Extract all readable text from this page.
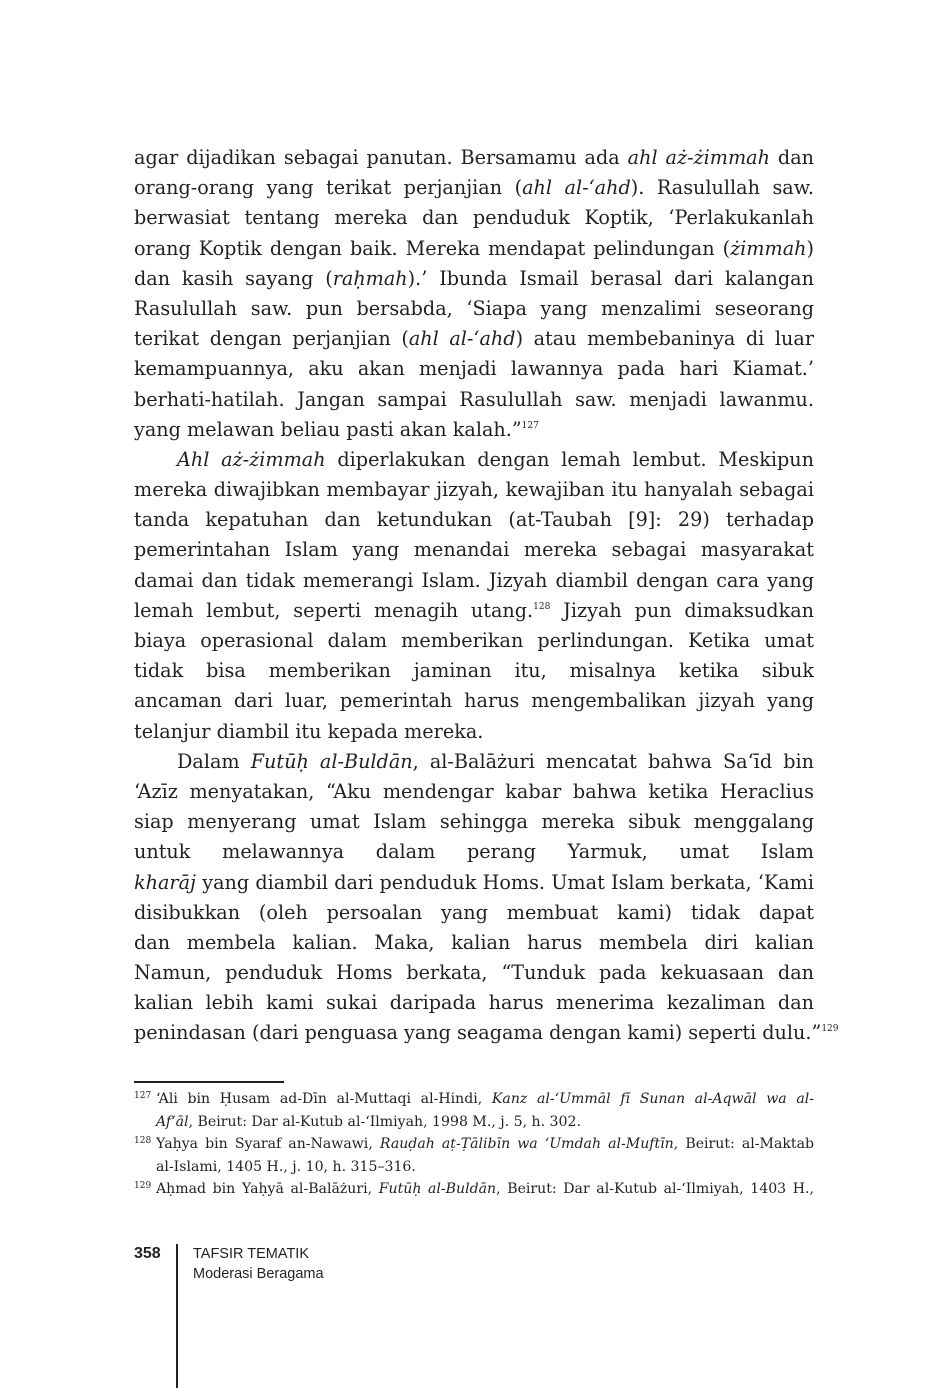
agar dijadikan sebagai panutan. Bersamamu ada ahl aż-żimmah dan
orang-orang yang terikat perjanjian (ahl al-‘ahd). Rasulullah saw.
berwasiat tentang mereka dan penduduk Koptik, ‘Perlakukanlah
orang Koptik dengan baik. Mereka mendapat pelindungan (żimmah)
dan kasih sayang (raḥmah).’ Ibunda Ismail berasal dari kalangan
Rasulullah saw. pun bersabda, ‘Siapa yang menzalimi seseorang
terikat dengan perjanjian (ahl al-‘ahd) atau membebaninya di luar
kemampuannya, aku akan menjadi lawannya pada hari Kiamat.’
berhati-hatilah. Jangan sampai Rasulullah saw. menjadi lawanmu.
yang melawan beliau pasti akan kalah.”$^{127}$
Ahl aż-żimmah diperlakukan dengan lemah lembut. Meskipun
mereka diwajibkan membayar jizyah, kewajiban itu hanyalah sebagai
tanda kepatuhan dan ketundukan (at-Taubah [9]: 29) terhadap
pemerintahan Islam yang menandai mereka sebagai masyarakat
damai dan tidak memerangi Islam. Jizyah diambil dengan cara yang
lemah lembut, seperti menagih utang.$^{128}$ Jizyah pun dimaksudkan
biaya operasional dalam memberikan perlindungan. Ketika umat
tidak bisa memberikan jaminan itu, misalnya ketika sibuk
ancaman dari luar, pemerintah harus mengembalikan jizyah yang
telanjur diambil itu kepada mereka.
Dalam Futūḥ al-Buldān, al-Balāżuri mencatat bahwa Sa‘īd bin
‘Azīz menyatakan, “Aku mendengar kabar bahwa ketika Heraclius
siap menyerang umat Islam sehingga mereka sibuk menggalang
untuk melawannya dalam perang Yarmuk, umat Islam
kharāj yang diambil dari penduduk Homs. Umat Islam berkata, ‘Kami
disibukkan (oleh persoalan yang membuat kami) tidak dapat
dan membela kalian. Maka, kalian harus membela diri kalian
Namun, penduduk Homs berkata, “Tunduk pada kekuasaan dan
kalian lebih kami sukai daripada harus menerima kezaliman dan
penindasan (dari penguasa yang seagama dengan kami) seperti dulu.”$^{129}$
127 ‘Ali bin Ḥusam ad-Dīn al-Muttaqi al-Hindi, Kanz al-‘Ummāl fī Sunan al-Aqwāl wa al-
Af‘āl, Beirut: Dar al-Kutub al-‘Ilmiyah, 1998 M., j. 5, h. 302.
128 Yaḥya bin Syaraf an-Nawawi, Rauḍah aṭ-Ṭālibīn wa ‘Umdah al-Muftīn, Beirut: al-Maktab
al-Islami, 1405 H., j. 10, h. 315–316.
129 Aḥmad bin Yaḥyā al-Balāżuri, Futūḥ al-Buldān, Beirut: Dar al-Kutub al-‘Ilmiyah, 1403 H.,
358 TAFSIR TEMATIK
Moderasi Beragama
